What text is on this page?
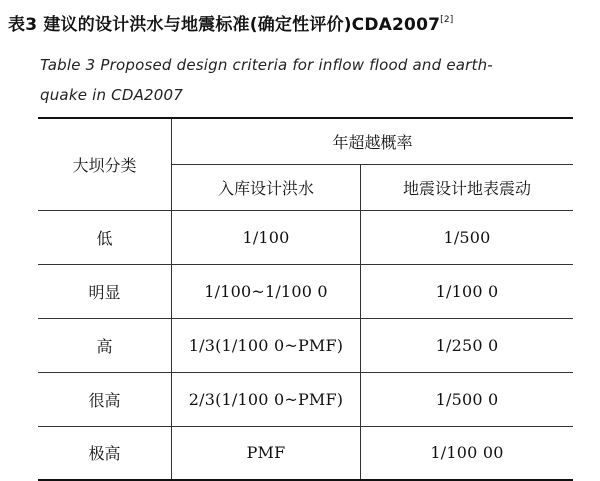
表3 建议的设计洪水与地震标准(确定性评价)CDA2007[2]
Table 3 Proposed design criteria for inflow flood and earth-
quake in CDA2007
大坝分类	年超越概率	
	入库设计洪水	地震设计地表震动
低	1/100	1/500
明显	1/100~1/100 0	1/100 0
高	1/3(1/100 0~PMF)	1/250 0
很高	2/3(1/100 0~PMF)	1/500 0
极高	PMF	1/100 00
